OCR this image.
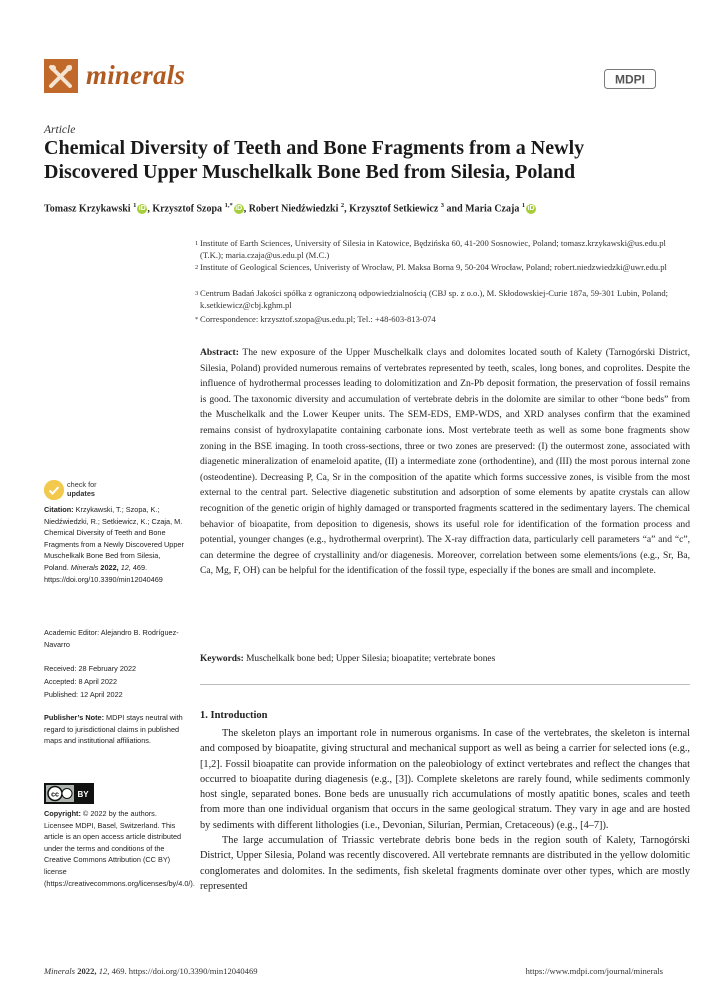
minerals	MDPI
Article
Chemical Diversity of Teeth and Bone Fragments from a Newly Discovered Upper Muschelkalk Bone Bed from Silesia, Poland
Tomasz Krzykawski $^1$ iD , Krzysztof Szopa $^{1,*}$ iD , Robert Niedźwiedzki $^2$, Krzysztof Setkiewicz $^3$ and Maria Czaja $^1$ iD
1 Institute of Earth Sciences, University of Silesia in Katowice, Będzińska 60, 41-200 Sosnowiec, Poland; tomasz.krzykawski@us.edu.pl (T.K.); maria.czaja@us.edu.pl (M.C.)
2 Institute of Geological Sciences, Univeristy of Wrocław, Pl. Maksa Borna 9, 50-204 Wrocław, Poland; robert.niedzwiedzki@uwr.edu.pl
3 Centrum Badań Jakości spółka z ograniczoną odpowiedzialnością (CBJ sp. z o.o.), M. Skłodowskiej-Curie 187a, 59-301 Lubin, Poland; k.setkiewicz@cbj.kghm.pl
* Correspondence: krzysztof.szopa@us.edu.pl; Tel.: +48-603-813-074
check for
updates
Citation: Krzykawski, T.; Szopa, K.; Niedźwiedzki, R.; Setkiewicz, K.; Czaja, M. Chemical Diversity of Teeth and Bone Fragments from a Newly Discovered Upper Muschelkalk Bone Bed from Silesia, Poland. Minerals 2022, 12, 469. https://doi.org/10.3390/min12040469
Academic Editor: Alejandro B. Rodríguez-Navarro
Received: 28 February 2022
Accepted: 8 April 2022
Published: 12 April 2022
Publisher’s Note: MDPI stays neutral with regard to jurisdictional claims in published maps and institutional affiliations.
cc BY
Copyright: © 2022 by the authors. Licensee MDPI, Basel, Switzerland. This article is an open access article distributed under the terms and conditions of the Creative Commons Attribution (CC BY) license (https://creativecommons.org/licenses/by/4.0/).
Abstract: The new exposure of the Upper Muschelkalk clays and dolomites located south of Kalety (Tarnogórski District, Silesia, Poland) provided numerous remains of vertebrates represented by teeth, scales, long bones, and coprolites. Despite the influence of hydrothermal processes leading to dolomitization and Zn-Pb deposit formation, the preservation of fossil remains is good. The taxonomic diversity and accumulation of vertebrate debris in the dolomite are similar to other “bone beds” from the Muschelkalk and the Lower Keuper units. The SEM-EDS, EMP-WDS, and XRD analyses confirm that the examined remains consist of hydroxylapatite containing carbonate ions. Most vertebrate teeth as well as some bone fragments show zoning in the BSE imaging. In tooth cross-sections, three or two zones are preserved: (I) the outermost zone, associated with diagenetic mineralization of enameloid apatite, (II) a intermediate zone (orthodentine), and (III) the most porous internal zone (osteodentine). Decreasing P, Ca, Sr in the composition of the apatite which forms successive zones, is visible from the most external to the central part. Selective diagenetic substitution and adsorption of some elements by apatite crystals can allow recognition of the genetic origin of highly damaged or transported fragments scattered in the sedimentary layers. The chemical behavior of bioapatite, from deposition to digenesis, shows its useful role for identification of the formation process and potential, younger changes (e.g., hydrothermal overprint). The X-ray diffraction data, particularly cell parameters “a” and “c”, can determine the degree of crystallinity and/or diagenesis. Moreover, correlation between some elements/ions (e.g., Sr, Ba, Ca, Mg, F, OH) can be helpful for the identification of the fossil type, especially if the bones are small and incomplete.
Keywords: Muschelkalk bone bed; Upper Silesia; bioapatite; vertebrate bones
1. Introduction

The skeleton plays an important role in numerous organisms. In case of the vertebrates, the skeleton is internal and composed by bioapatite, giving structural and mechanical support as well as being a carrier for selected ions (e.g., [1,2]. Fossil bioapatite can provide information on the paleobiology of extinct vertebrates and reflect the changes that occurred to bioapatite during diagenesis (e.g., [3]). Complete skeletons are rarely found, while sediments commonly host single, separated bones. Bone beds are unusually rich accumulations of mostly apatitic bones, scales and teeth from more than one individual organism that occurs in the same geological stratum. They vary in age and are hosted by sediments with different lithologies (i.e., Devonian, Silurian, Permian, Cretaceous) (e.g., [4–7]).

The large accumulation of Triassic vertebrate debris bone beds in the region south of Kalety, Tarnogórski District, Upper Silesia, Poland was recently discovered. All vertebrate remnants are distributed in the yellow dolomitic conglomerates and dolomites. In the sediments, fish skeletal fragments dominate over other types, which are mostly represented

Minerals 2022, 12, 469. https://doi.org/10.3390/min12040469	https://www.mdpi.com/journal/minerals
